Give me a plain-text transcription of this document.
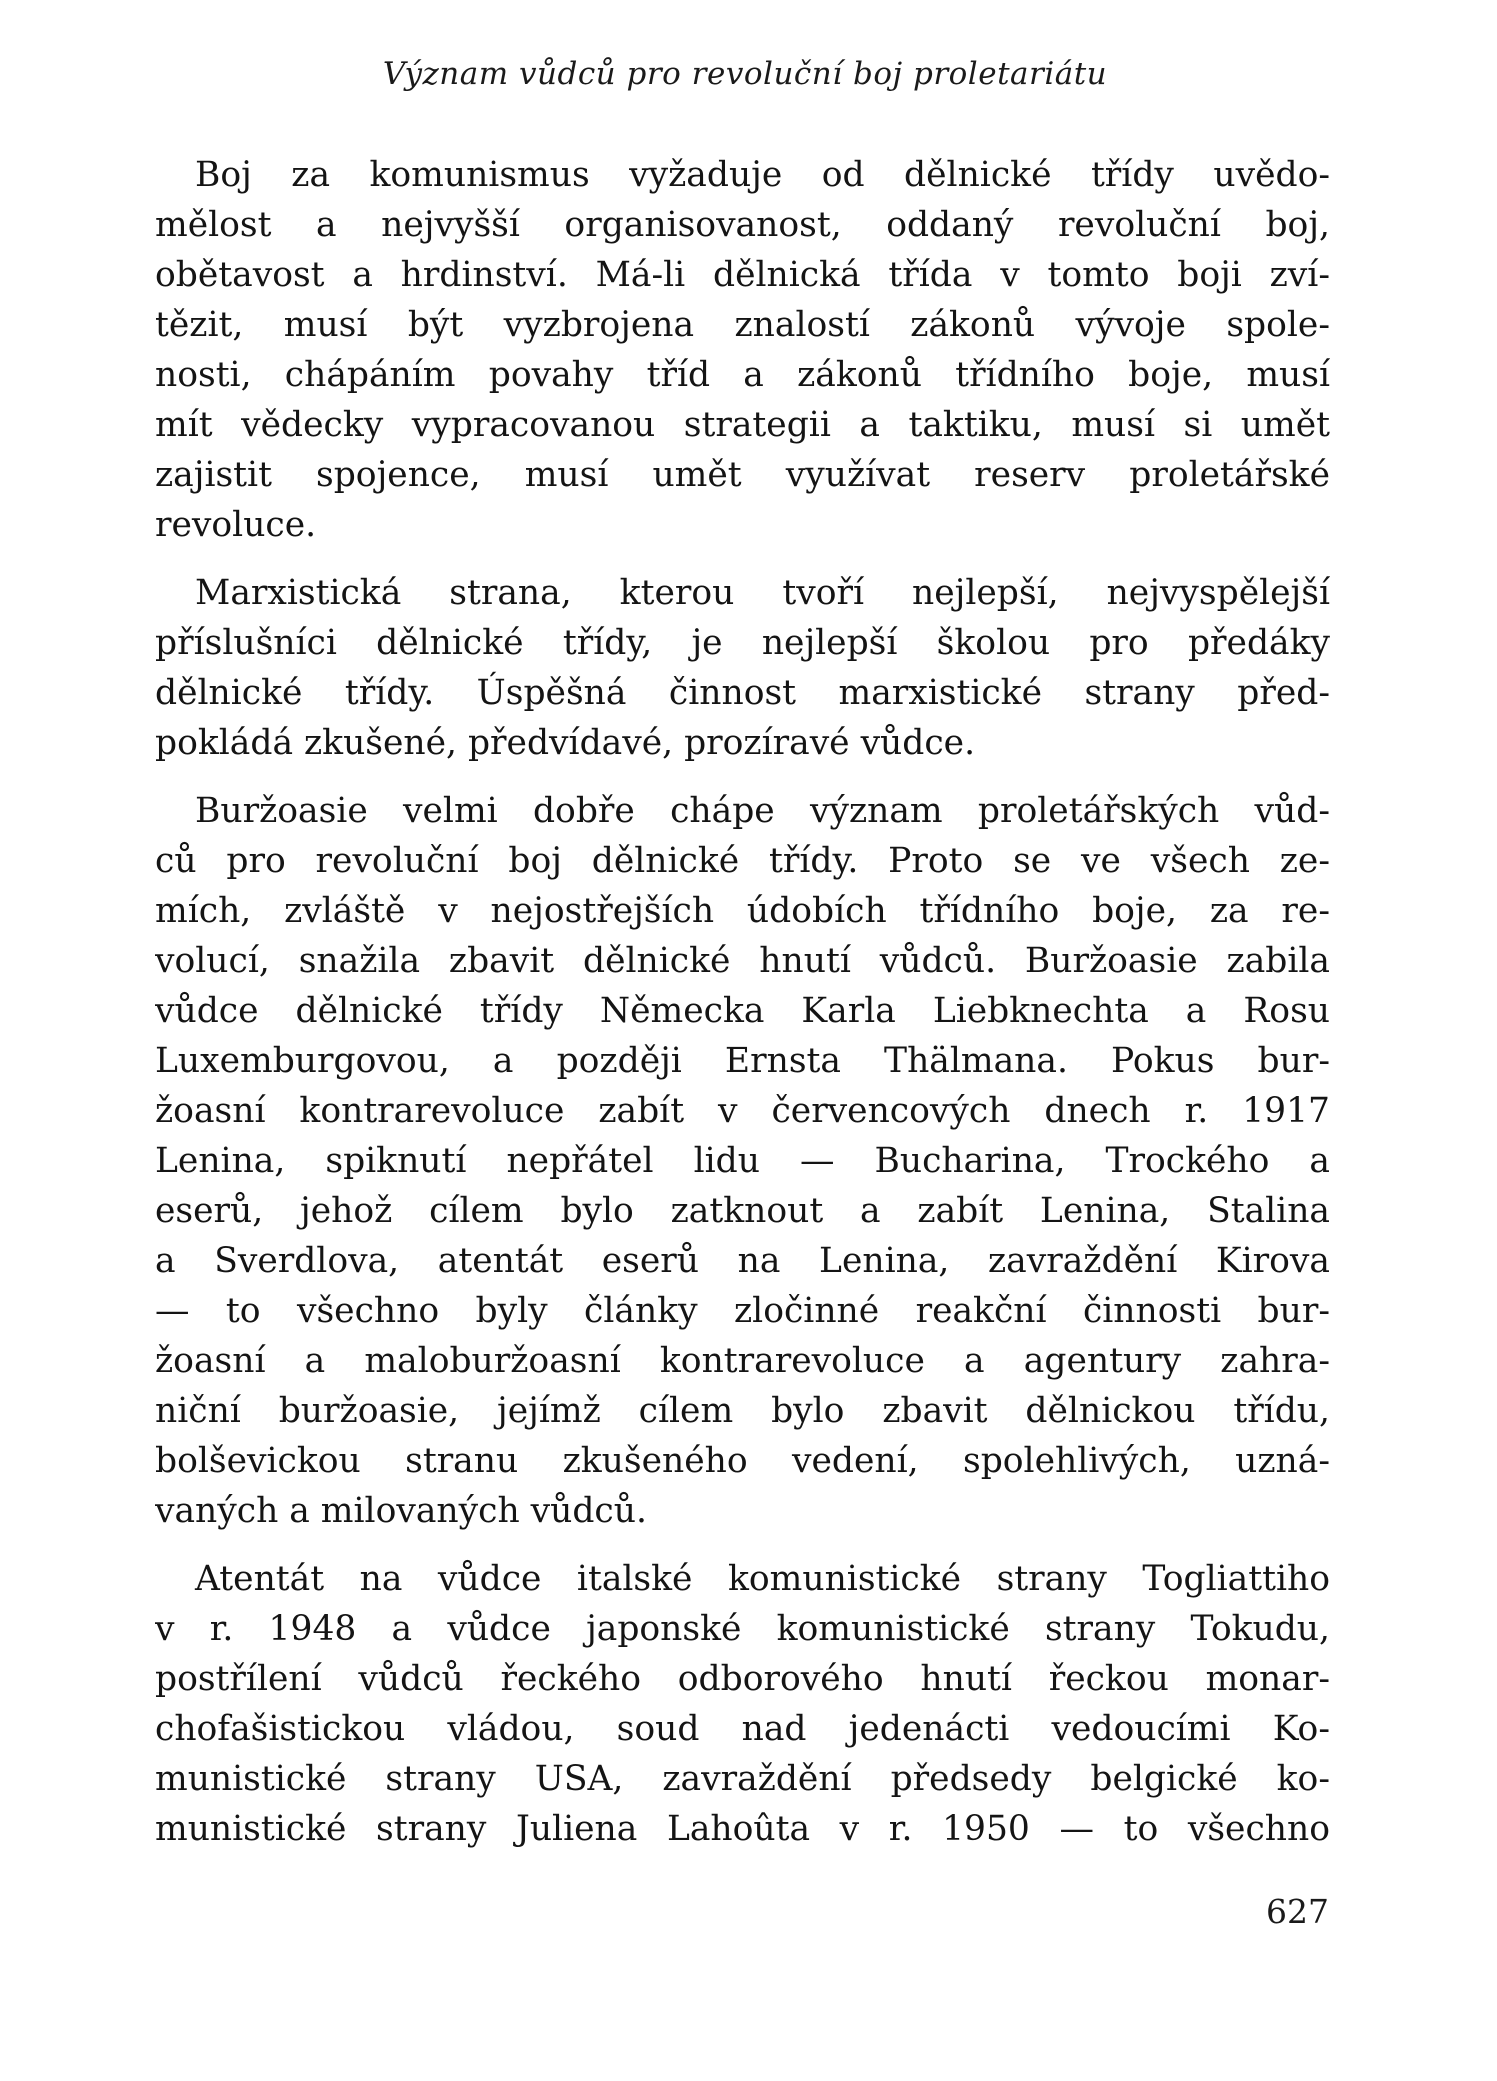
Význam vůdců pro revoluční boj proletariátu

Boj za komunismus vyžaduje od dělnické třídy uvědo-
mělost a nejvyšší organisovanost, oddaný revoluční boj,
obětavost a hrdinství. Má-li dělnická třída v tomto boji zví-
tězit, musí být vyzbrojena znalostí zákonů vývoje spole-
nosti, chápáním povahy tříd a zákonů třídního boje, musí
mít vědecky vypracovanou strategii a taktiku, musí si umět
zajistit spojence, musí umět využívat reserv proletářské
revoluce.

Marxistická strana, kterou tvoří nejlepší, nejvyspělejší
příslušníci dělnické třídy, je nejlepší školou pro předáky
dělnické třídy. Úspěšná činnost marxistické strany před-
pokládá zkušené, předvídavé, prozíravé vůdce.

Buržoasie velmi dobře chápe význam proletářských vůd-
ců pro revoluční boj dělnické třídy. Proto se ve všech ze-
mích, zvláště v nejostřejších údobích třídního boje, za re-
volucí, snažila zbavit dělnické hnutí vůdců. Buržoasie zabila
vůdce dělnické třídy Německa Karla Liebknechta a Rosu
Luxemburgovou, a později Ernsta Thälmana. Pokus bur-
žoasní kontrarevoluce zabít v červencových dnech r. 1917
Lenina, spiknutí nepřátel lidu — Bucharina, Trockého a
eserů, jehož cílem bylo zatknout a zabít Lenina, Stalina
a Sverdlova, atentát eserů na Lenina, zavraždění Kirova
— to všechno byly články zločinné reakční činnosti bur-
žoasní a maloburžoasní kontrarevoluce a agentury zahra-
niční buržoasie, jejímž cílem bylo zbavit dělnickou třídu,
bolševickou stranu zkušeného vedení, spolehlivých, uzná-
vaných a milovaných vůdců.

Atentát na vůdce italské komunistické strany Togliattiho
v r. 1948 a vůdce japonské komunistické strany Tokudu,
postřílení vůdců řeckého odborového hnutí řeckou monar-
chofašistickou vládou, soud nad jedenácti vedoucími Ko-
munistické strany USA, zavraždění předsedy belgické ko-
munistické strany Juliena Lahoûta v r. 1950 — to všechno

627
